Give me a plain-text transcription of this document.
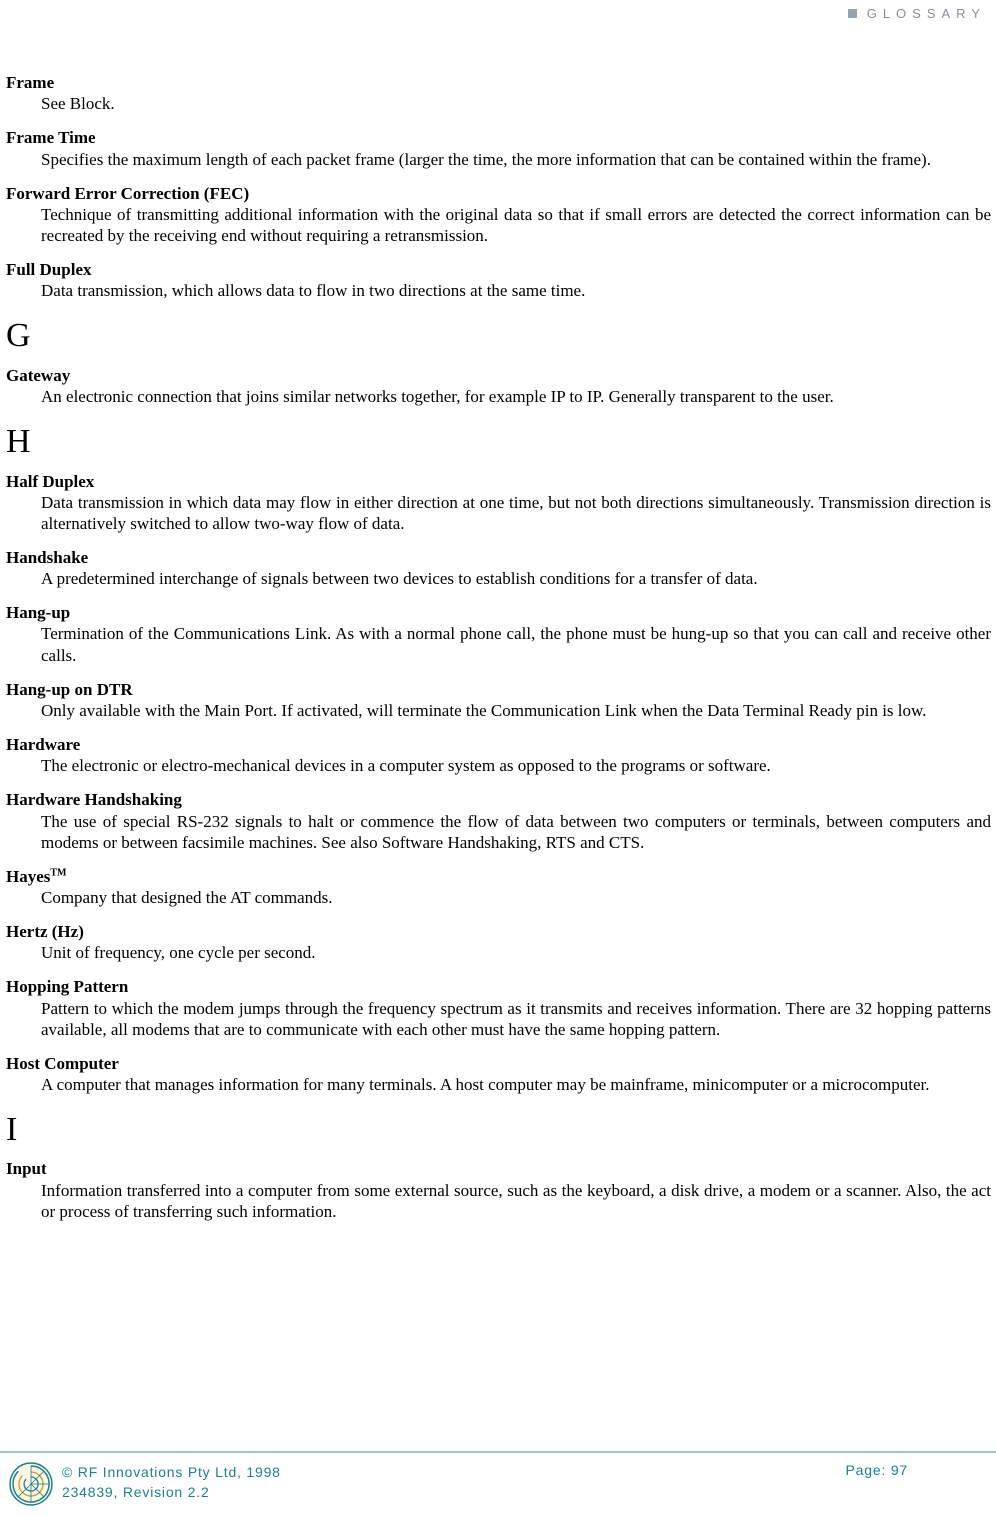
GLOSSARY
Frame
See Block.
Frame Time
Specifies the maximum length of each packet frame (larger the time, the more information that can be contained within the frame).
Forward Error Correction (FEC)
Technique of transmitting additional information with the original data so that if small errors are detected the correct information can be recreated by the receiving end without requiring a retransmission.
Full Duplex
Data transmission, which allows data to flow in two directions at the same time.
G
Gateway
An electronic connection that joins similar networks together, for example IP to IP. Generally transparent to the user.
H
Half Duplex
Data transmission in which data may flow in either direction at one time, but not both directions simultaneously. Transmission direction is alternatively switched to allow two-way flow of data.
Handshake
A predetermined interchange of signals between two devices to establish conditions for a transfer of data.
Hang-up
Termination of the Communications Link. As with a normal phone call, the phone must be hung-up so that you can call and receive other calls.
Hang-up on DTR
Only available with the Main Port. If activated, will terminate the Communication Link when the Data Terminal Ready pin is low.
Hardware
The electronic or electro-mechanical devices in a computer system as opposed to the programs or software.
Hardware Handshaking
The use of special RS-232 signals to halt or commence the flow of data between two computers or terminals, between computers and modems or between facsimile machines. See also Software Handshaking, RTS and CTS.
Hayes™
Company that designed the AT commands.
Hertz (Hz)
Unit of frequency, one cycle per second.
Hopping Pattern
Pattern to which the modem jumps through the frequency spectrum as it transmits and receives information. There are 32 hopping patterns available, all modems that are to communicate with each other must have the same hopping pattern.
Host Computer
A computer that manages information for many terminals. A host computer may be mainframe, minicomputer or a microcomputer.
I
Input
Information transferred into a computer from some external source, such as the keyboard, a disk drive, a modem or a scanner. Also, the act or process of transferring such information.
© RF Innovations Pty Ltd, 1998
234839, Revision 2.2
Page: 97
